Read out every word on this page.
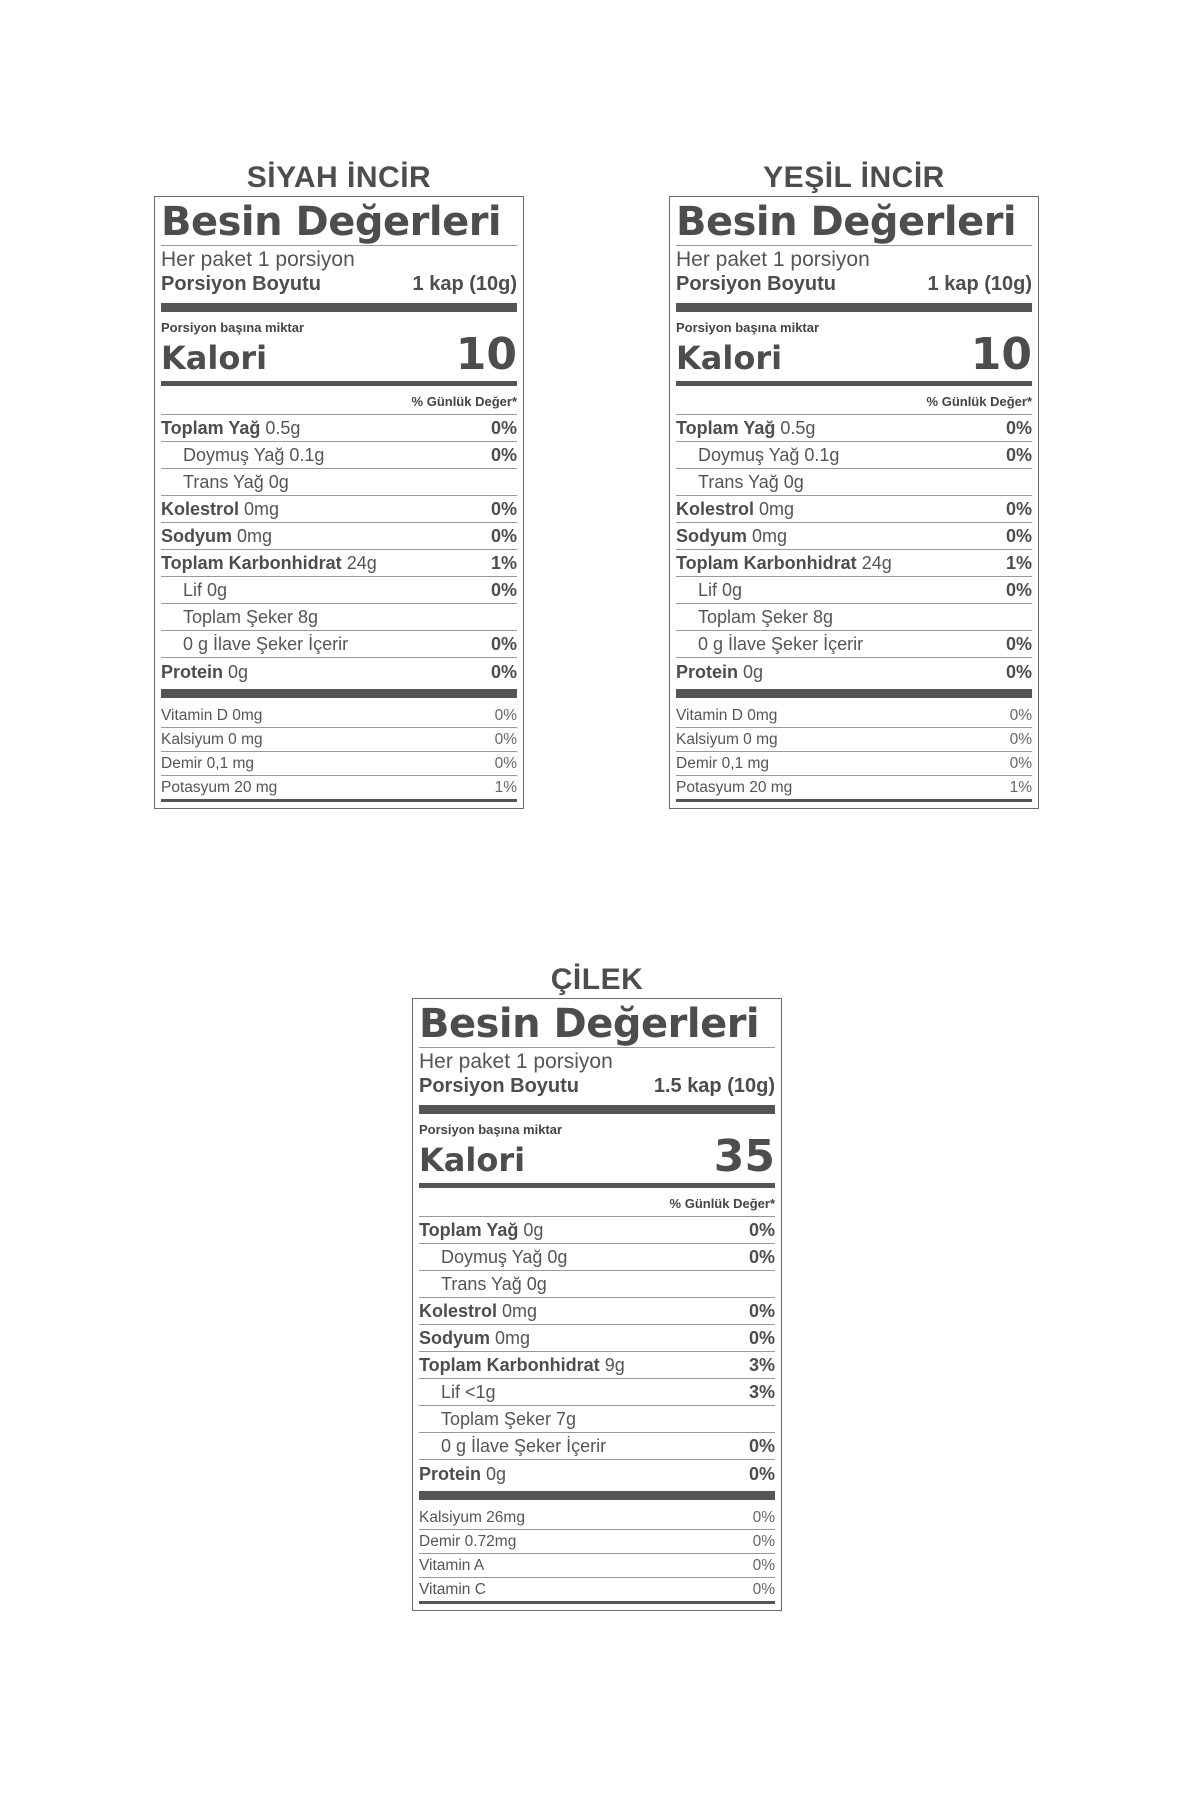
SİYAH İNCİR
Besin Değerleri
Her paket 1 porsiyon
Porsiyon Boyutu	1 kap (10g)
Porsiyon başına miktar
Kalori	10
% Günlük Değer*
Toplam Yağ 0.5g	0%
Doymuş Yağ 0.1g	0%
Trans Yağ 0g
Kolestrol 0mg	0%
Sodyum 0mg	0%
Toplam Karbonhidrat 24g	1%
Lif 0g	0%
Toplam Şeker 8g
0 g İlave Şeker İçerir	0%
Protein 0g	0%
Vitamin D 0mg	0%
Kalsiyum 0 mg	0%
Demir 0,1 mg	0%
Potasyum 20 mg	1%
YEŞİL İNCİR
Besin Değerleri
Her paket 1 porsiyon
Porsiyon Boyutu	1 kap (10g)
Porsiyon başına miktar
Kalori	10
% Günlük Değer*
Toplam Yağ 0.5g	0%
Doymuş Yağ 0.1g	0%
Trans Yağ 0g
Kolestrol 0mg	0%
Sodyum 0mg	0%
Toplam Karbonhidrat 24g	1%
Lif 0g	0%
Toplam Şeker 8g
0 g İlave Şeker İçerir	0%
Protein 0g	0%
Vitamin D 0mg	0%
Kalsiyum 0 mg	0%
Demir 0,1 mg	0%
Potasyum 20 mg	1%
ÇİLEK
Besin Değerleri
Her paket 1 porsiyon
Porsiyon Boyutu	1.5 kap (10g)
Porsiyon başına miktar
Kalori	35
% Günlük Değer*
Toplam Yağ 0g	0%
Doymuş Yağ 0g	0%
Trans Yağ 0g
Kolestrol 0mg	0%
Sodyum 0mg	0%
Toplam Karbonhidrat 9g	3%
Lif <1g	3%
Toplam Şeker 7g
0 g İlave Şeker İçerir	0%
Protein 0g	0%
Kalsiyum 26mg	0%
Demir 0.72mg	0%
Vitamin A	0%
Vitamin C	0%
